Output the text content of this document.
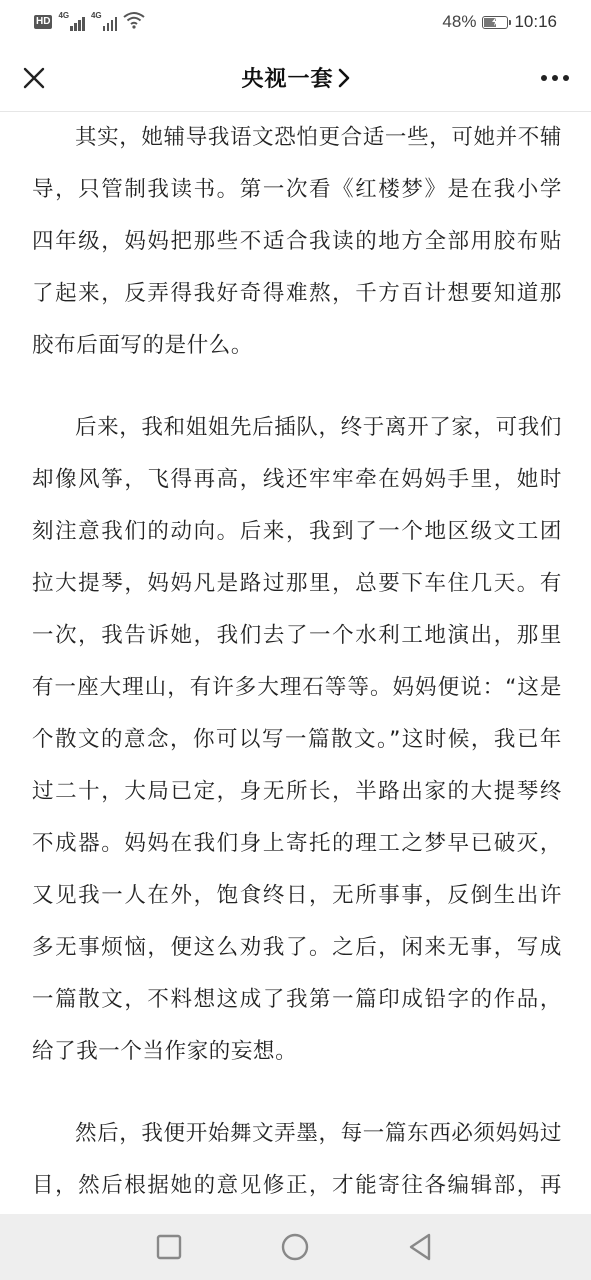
HD
4G	4G	48% 10:16
央视一套

其实，她辅导我语文恐怕更合适一些，可她并不辅导，只管制我读书。第一次看《红楼梦》是在我小学四年级，妈妈把那些不适合我读的地方全部用胶布贴了起来，反弄得我好奇得难熬，千方百计想要知道那胶布后面写的是什么。

后来，我和姐姐先后插队，终于离开了家，可我们却像风筝，飞得再高，线还牢牢牵在妈妈手里，她时刻注意我们的动向。后来，我到了一个地区级文工团拉大提琴，妈妈凡是路过那里，总要下车住几天。有一次，我告诉她，我们去了一个水利工地演出，那里有一座大理山，有许多大理石等等。妈妈便说：“这是个散文的意念，你可以写一篇散文。”这时候，我已年过二十，大局已定，身无所长，半路出家的大提琴终不成器。妈妈在我们身上寄托的理工之梦早已破灭，又见我一人在外，饱食终日，无所事事，反倒生出许多无事烦恼，便这么劝我了。之后，闲来无事，写成一篇散文，不料想这成了我第一篇印成铅字的作品，给了我一个当作家的妄想。

然后，我便开始舞文弄墨，每一篇东西必须妈妈过目，然后根据她的意见修正，才能寄往各编辑部，再
